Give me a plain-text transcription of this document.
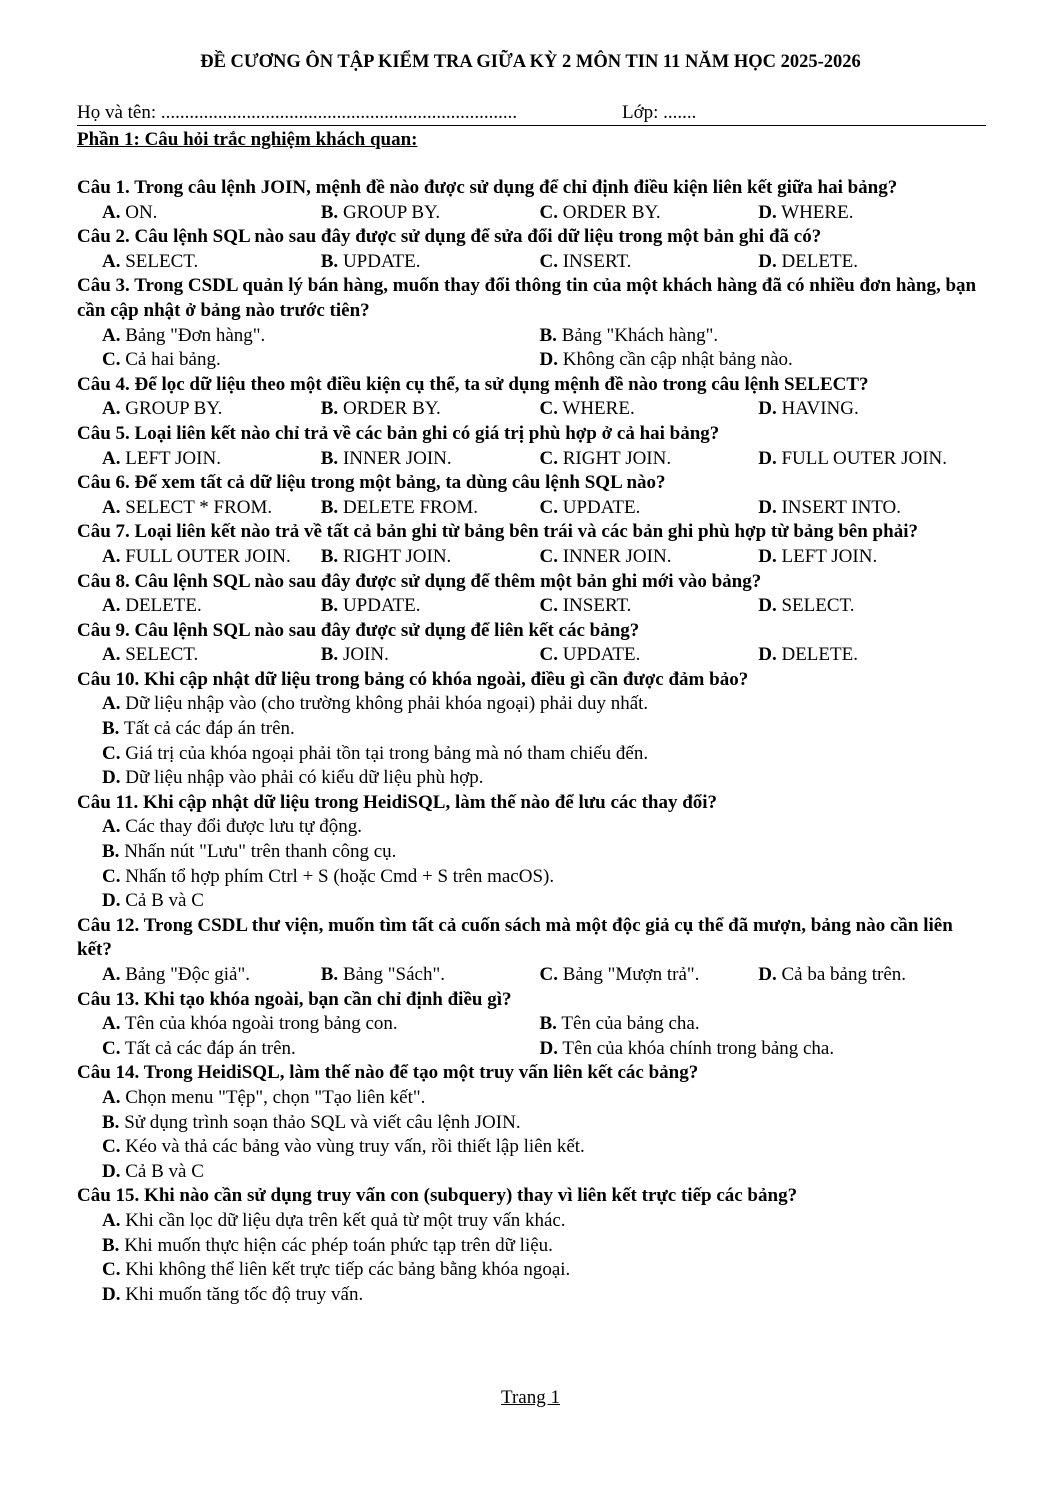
ĐỀ CƯƠNG ÔN TẬP KIỂM TRA GIỮA KỲ 2 MÔN TIN 11 NĂM HỌC 2025-2026
Họ và tên: ...........................................................................	Lớp: .......
Phần 1: Câu hỏi trắc nghiệm khách quan:
Câu 1. Trong câu lệnh JOIN, mệnh đề nào được sử dụng để chỉ định điều kiện liên kết giữa hai bảng?
A. ON.	B. GROUP BY.	C. ORDER BY.	D. WHERE.
Câu 2. Câu lệnh SQL nào sau đây được sử dụng để sửa đổi dữ liệu trong một bản ghi đã có?
A. SELECT.	B. UPDATE.	C. INSERT.	D. DELETE.
Câu 3. Trong CSDL quản lý bán hàng, muốn thay đổi thông tin của một khách hàng đã có nhiều đơn hàng, bạn cần cập nhật ở bảng nào trước tiên?
A. Bảng "Đơn hàng".	B. Bảng "Khách hàng".
C. Cả hai bảng.	D. Không cần cập nhật bảng nào.
Câu 4. Để lọc dữ liệu theo một điều kiện cụ thể, ta sử dụng mệnh đề nào trong câu lệnh SELECT?
A. GROUP BY.	B. ORDER BY.	C. WHERE.	D. HAVING.
Câu 5. Loại liên kết nào chỉ trả về các bản ghi có giá trị phù hợp ở cả hai bảng?
A. LEFT JOIN.	B. INNER JOIN.	C. RIGHT JOIN.	D. FULL OUTER JOIN.
Câu 6. Để xem tất cả dữ liệu trong một bảng, ta dùng câu lệnh SQL nào?
A. SELECT * FROM.	B. DELETE FROM.	C. UPDATE.	D. INSERT INTO.
Câu 7. Loại liên kết nào trả về tất cả bản ghi từ bảng bên trái và các bản ghi phù hợp từ bảng bên phải?
A. FULL OUTER JOIN.	B. RIGHT JOIN.	C. INNER JOIN.	D. LEFT JOIN.
Câu 8. Câu lệnh SQL nào sau đây được sử dụng để thêm một bản ghi mới vào bảng?
A. DELETE.	B. UPDATE.	C. INSERT.	D. SELECT.
Câu 9. Câu lệnh SQL nào sau đây được sử dụng để liên kết các bảng?
A. SELECT.	B. JOIN.	C. UPDATE.	D. DELETE.
Câu 10. Khi cập nhật dữ liệu trong bảng có khóa ngoài, điều gì cần được đảm bảo?
A. Dữ liệu nhập vào (cho trường không phải khóa ngoại) phải duy nhất.
B. Tất cả các đáp án trên.
C. Giá trị của khóa ngoại phải tồn tại trong bảng mà nó tham chiếu đến.
D. Dữ liệu nhập vào phải có kiểu dữ liệu phù hợp.
Câu 11. Khi cập nhật dữ liệu trong HeidiSQL, làm thế nào để lưu các thay đổi?
A. Các thay đổi được lưu tự động.
B. Nhấn nút "Lưu" trên thanh công cụ.
C. Nhấn tổ hợp phím Ctrl + S (hoặc Cmd + S trên macOS).
D. Cả B và C
Câu 12. Trong CSDL thư viện, muốn tìm tất cả cuốn sách mà một độc giả cụ thể đã mượn, bảng nào cần liên kết?
A. Bảng "Độc giả".	B. Bảng "Sách".	C. Bảng "Mượn trả".	D. Cả ba bảng trên.
Câu 13. Khi tạo khóa ngoài, bạn cần chỉ định điều gì?
A. Tên của khóa ngoài trong bảng con.	B. Tên của bảng cha.
C. Tất cả các đáp án trên.	D. Tên của khóa chính trong bảng cha.
Câu 14. Trong HeidiSQL, làm thế nào để tạo một truy vấn liên kết các bảng?
A. Chọn menu "Tệp", chọn "Tạo liên kết".
B. Sử dụng trình soạn thảo SQL và viết câu lệnh JOIN.
C. Kéo và thả các bảng vào vùng truy vấn, rồi thiết lập liên kết.
D. Cả B và C
Câu 15. Khi nào cần sử dụng truy vấn con (subquery) thay vì liên kết trực tiếp các bảng?
A. Khi cần lọc dữ liệu dựa trên kết quả từ một truy vấn khác.
B. Khi muốn thực hiện các phép toán phức tạp trên dữ liệu.
C. Khi không thể liên kết trực tiếp các bảng bằng khóa ngoại.
D. Khi muốn tăng tốc độ truy vấn.
Trang 1
